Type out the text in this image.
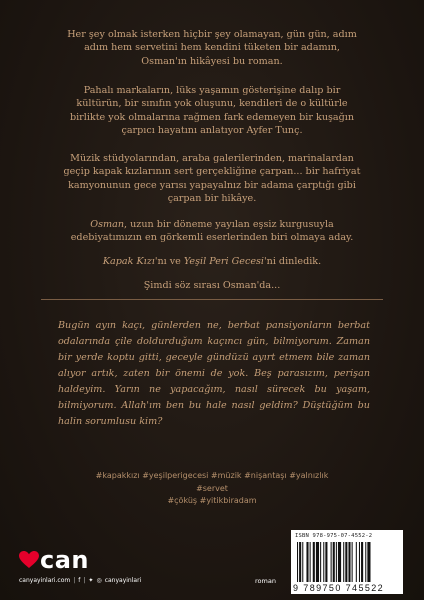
Her şey olmak isterken hiçbir şey olamayan, gün gün, adım adım hem servetini hem kendini tüketen bir adamın, Osman'ın hikâyesi bu roman.

Pahalı markaların, lüks yaşamın gösterişine dalıp bir kültürün, bir sınıfın yok oluşunu, kendileri de o kültürle birlikte yok olmalarına rağmen fark edemeyen bir kuşağın çarpıcı hayatını anlatıyor Ayfer Tunç.

Müzik stüdyolarından, araba galerilerinden, marinalardan geçip kapak kızlarının sert gerçekliğine çarpan... bir hafriyat kamyonunun gece yarısı yapayalnız bir adama çarptığı gibi çarpan bir hikâye.

Osman, uzun bir döneme yayılan eşsiz kurgusuyla edebiyatımızın en görkemli eserlerinden biri olmaya aday.

Kapak Kızı'nı ve Yeşil Peri Gecesi'ni dinledik.

Şimdi söz sırası Osman'da...

Bugün ayın kaçı, günlerden ne, berbat pansiyonların berbat odalarında çile doldurduğum kaçıncı gün, bilmiyorum. Zaman bir yerde koptu gitti, geceyle gündüzü ayırt etmem bile zaman alıyor artık, zaten bir önemi de yok. Beş parasızım, perişan haldeyim. Yarın ne yapacağım, nasıl sürecek bu yaşam, bilmiyorum. Allah'ım ben bu hale nasıl geldim? Düştüğüm bu halin sorumlusu kim?
#kapakkızı #yeşilperigecesi #müzik #nişantaşı #yalnızlık #servet
#çöküş #yitikbiradam
can
canyayinlari.com | f | ✦ ◎ canyayinlari	roman
ISBN 978-975-07-4552-2
9 789750 745522
